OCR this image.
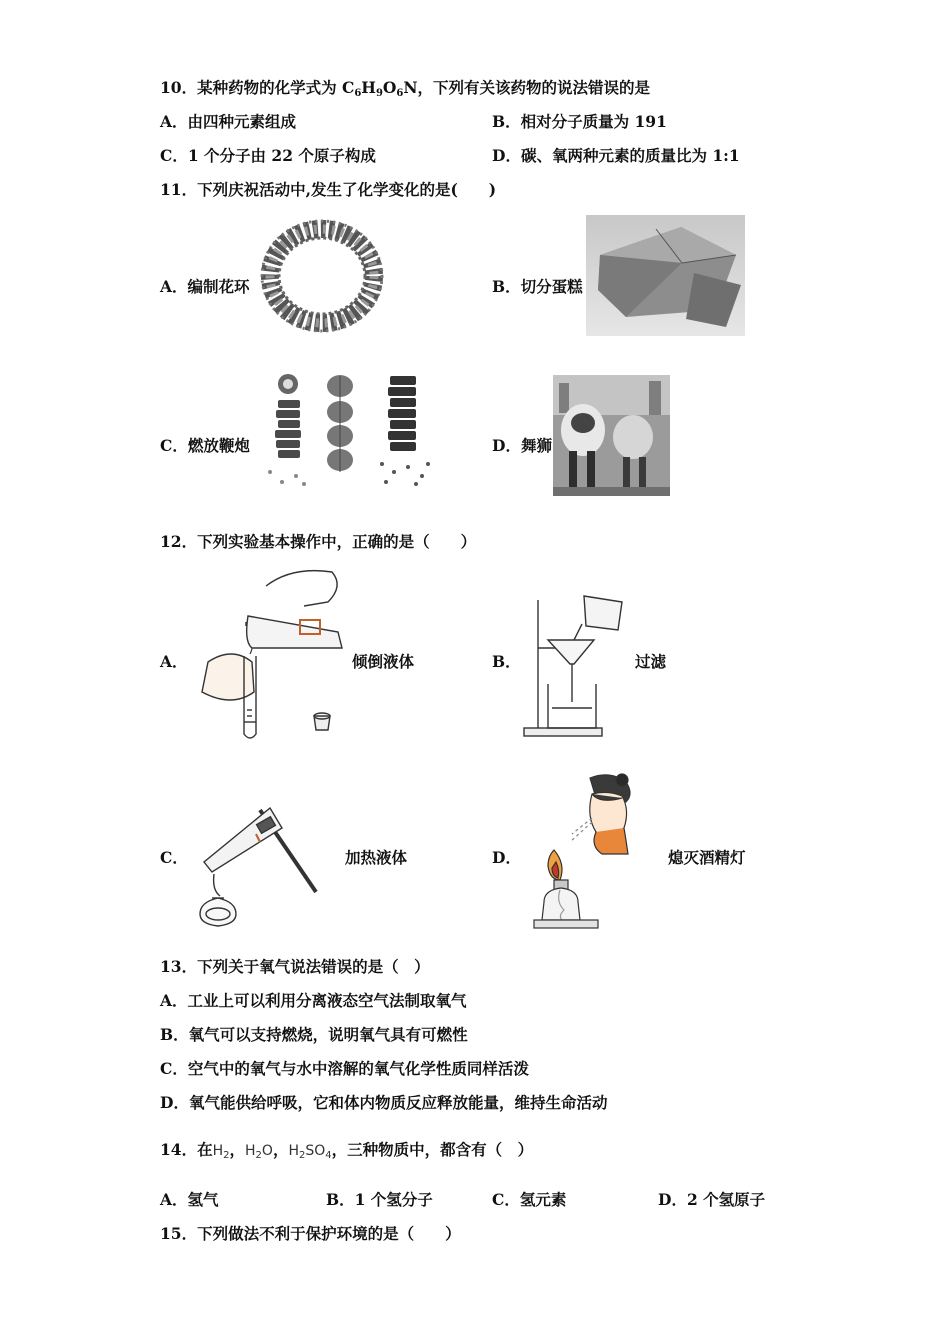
10．某种药物的化学式为 $C_6H_9O_6N$，下列有关该药物的说法错误的是
A．由四种元素组成	B．相对分子质量为 191
C．1 个分子由 22 个原子构成	D．碳、氧两种元素的质量比为 1:1
11．下列庆祝活动中,发生了化学变化的是(　　)
A．编制花环	B．切分蛋糕
C．燃放鞭炮	D．舞狮
12．下列实验基本操作中，正确的是（　　）
A．	倾倒液体	B．	过滤
C．	加热液体	D．	熄灭酒精灯
13．下列关于氧气说法错误的是（　）
A．工业上可以利用分离液态空气法制取氧气
B．氧气可以支持燃烧，说明氧气具有可燃性
C．空气中的氧气与水中溶解的氧气化学性质同样活泼
D．氧气能供给呼吸，它和体内物质反应释放能量，维持生命活动
14．在$H_2$，$H_2O$，$H_2SO_4$，三种物质中，都含有（　）
A．氢气	B．1 个氢分子	C．氢元素	D．2 个氢原子
15．下列做法不利于保护环境的是（　　）
